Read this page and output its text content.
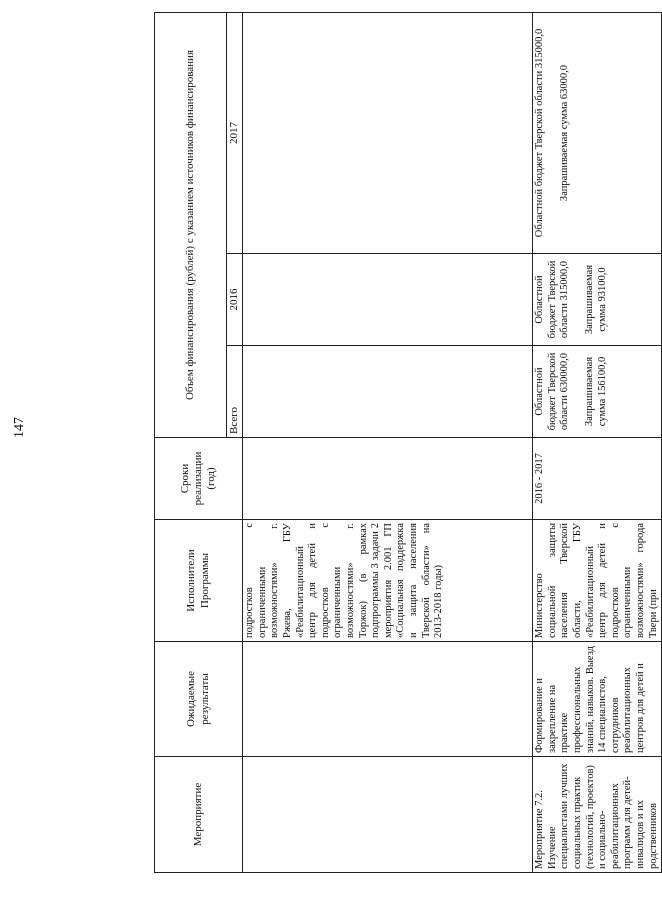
147
Мероприятие	Ожидаемые результаты	Исполнители Программы	Сроки реализации (год)	Объем финансирования (рублей) с указанием источников финансирования		
				Всего	2016	2017
		подростков с ограниченными возможностями» г. Ржева, ГБУ «Реабилитационный центр для детей и подростков с ограниченными возможностями» г. Торжок) (в рамках подпрограммы 3 задачи 2 мероприятия 2.001 ГП «Социальная поддержка и защита населения Тверской области» на 2013-2018 годы)		

Мероприятие 7.2. Изучение специалистами лучших социальных практик (технологий, проектов) и социально-реабилитационных программ для детей-инвалидов и их родственников	Формирование и закрепление на практике профессиональных знаний, навыков. Выезд 14 специалистов, сотрудников реабилитационных центров для детей и	Министерство социальной защиты населения Тверской области, ГБУ «Реабилитационный центр для детей и подростков с ограниченными возможностями» города Твери (при	2016 - 2017	Областной бюджет Тверской области 630000,0 Запрашиваемая сумма 156100,0	Областной бюджет Тверской области 315000,0 Запрашиваемая сумма 93100,0	Областной бюджет Тверской области 315000,0 Запрашиваемая сумма 63000,0
